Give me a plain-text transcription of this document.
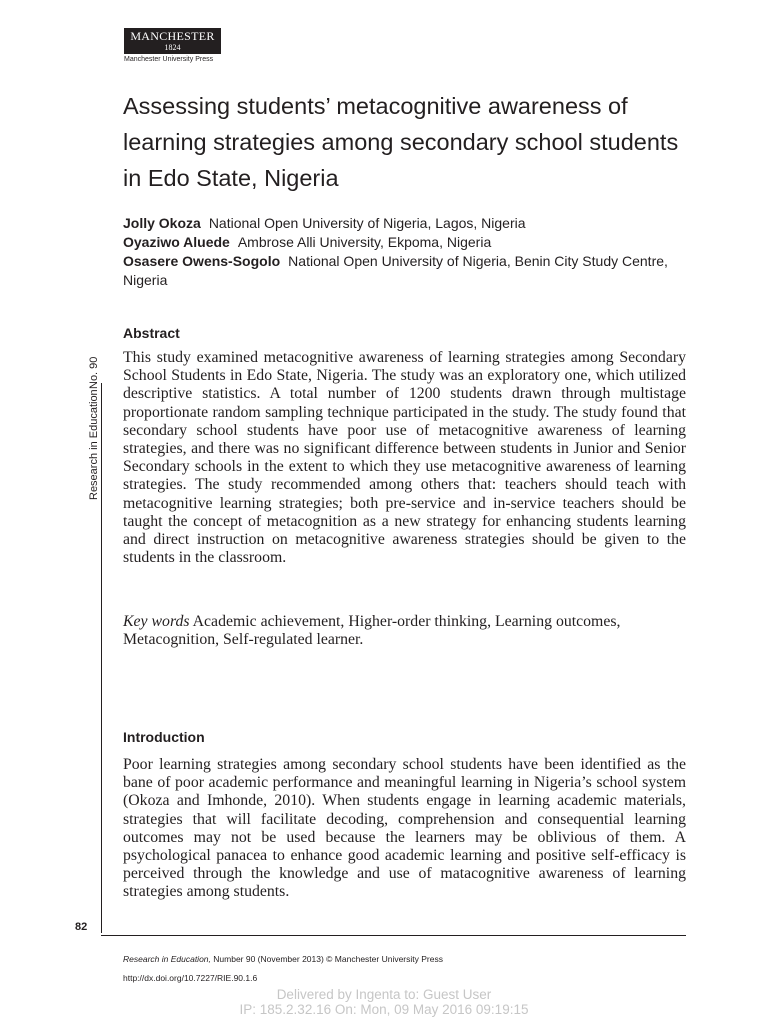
MANCHESTER
1824
Manchester University Press
Assessing students’ metacognitive awareness of learning strategies among secondary school students in Edo State, Nigeria
Jolly Okoza National Open University of Nigeria, Lagos, Nigeria
Oyaziwo Aluede Ambrose Alli University, Ekpoma, Nigeria
Osasere Owens-Sogolo National Open University of Nigeria, Benin City Study Centre, Nigeria
Research in Education
No. 90
Abstract

This study examined metacognitive awareness of learning strategies among Secondary School Students in Edo State, Nigeria. The study was an exploratory one, which utilized descriptive statistics. A total number of 1200 students drawn through multistage proportionate random sampling technique participated in the study. The study found that secondary school students have poor use of metacognitive awareness of learning strategies, and there was no significant difference between students in Junior and Senior Secondary schools in the extent to which they use metacognitive awareness of learning strategies. The study recommended among others that: teachers should teach with metacognitive learning strategies; both pre-service and in-service teachers should be taught the concept of metacognition as a new strategy for enhancing students learning and direct instruction on metacognitive awareness strategies should be given to the students in the classroom.

Key words Academic achievement, Higher-order thinking, Learning outcomes, Metacognition, Self-regulated learner.

Introduction

Poor learning strategies among secondary school students have been identified as the bane of poor academic performance and meaningful learning in Nigeria’s school system (Okoza and Imhonde, 2010). When students engage in learning academic materials, strategies that will facilitate decoding, comprehension and consequential learning outcomes may not be used because the learners may be oblivious of them. A psychological panacea to enhance good academic learning and positive self-efficacy is perceived through the knowledge and use of matacognitive awareness of learning strategies among students.

82
Research in Education, Number 90 (November 2013) © Manchester University Press
http://dx.doi.org/10.7227/RIE.90.1.6
Delivered by Ingenta to: Guest User
IP: 185.2.32.16 On: Mon, 09 May 2016 09:19:15
